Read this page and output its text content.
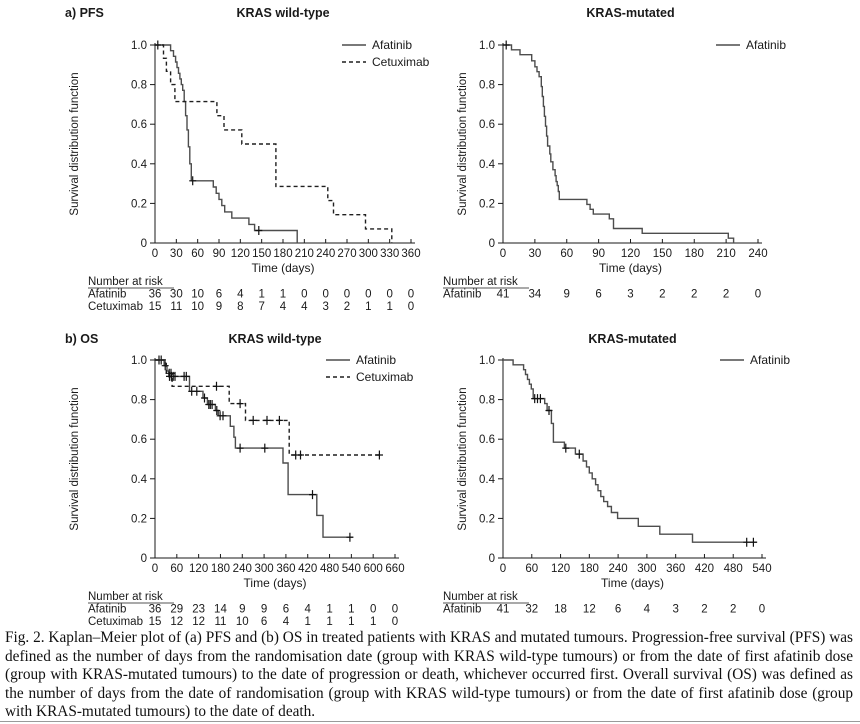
a) PFS	KRAS wild-type
1.0
0.8
0.6
0.4
0.2
0
0 30 60 90 120 150 180 210 240 270 300 330 360
Time (days)
Survival distribution function
Afatinib
Cetuximab
Number at risk
Afatinib 36 30 10 6 4 1 1 0 0 0 0 0 0
Cetuximab 15 11 10 9 8 7 4 4 3 2 1 1 0
KRAS-mutated
1.0
0.8
0.6
0.4
0.2
0
0 30 60 90 120 150 180 210 240
Time (days)
Survival distribution function
Afatinib
Number at risk
Afatinib 41 34 9 6 3 2 2 2 0
b) OS	KRAS wild-type
1.0
0.8
0.6
0.4
0.2
0
0 60 120 180 240 300 360 420 480 540 600 660
Time (days)
Survival distribution function
Afatinib
Cetuximab
Number at risk
Afatinib 36 29 23 14 9 9 6 4 1 1 0 0
Cetuximab 15 12 12 11 10 6 4 1 1 1 1 0
KRAS-mutated
1.0
0.8
0.6
0.4
0.2
0
0 60 120 180 240 300 360 420 480 540
Time (days)
Survival distribution function
Afatinib
Number at risk
Afatinib 41 32 18 12 6 4 3 2 2 0
Fig. 2. Kaplan–Meier plot of (a) PFS and (b) OS in treated patients with KRAS and mutated tumours. Progression-free survival (PFS) was defined as the number of days from the randomisation date (group with KRAS wild-type tumours) or from the date of first afatinib dose (group with KRAS-mutated tumours) to the date of progression or death, whichever occurred first. Overall survival (OS) was defined as the number of days from the date of randomisation (group with KRAS wild-type tumours) or from the date of first afatinib dose (group with KRAS-mutated tumours) to the date of death.
